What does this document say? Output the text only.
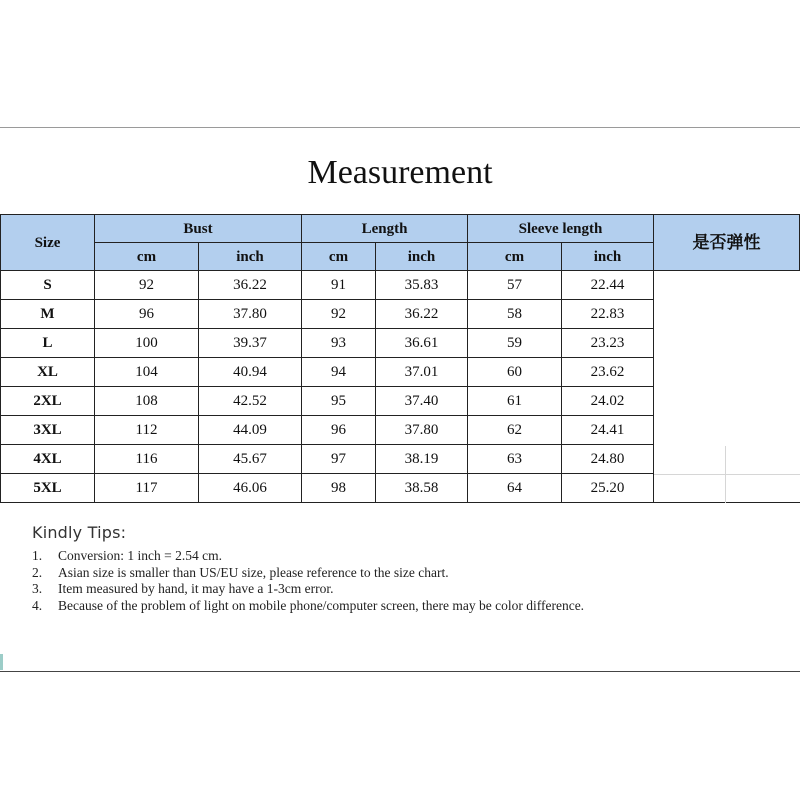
Measurement
Size	Bust		Length		Sleeve length		是否弹性
	cm	inch	cm	inch	cm	inch	
S	92	36.22	91	35.83	57	22.44	
M	96	37.80	92	36.22	58	22.83	
L	100	39.37	93	36.61	59	23.23	
XL	104	40.94	94	37.01	60	23.62	
2XL	108	42.52	95	37.40	61	24.02	
3XL	112	44.09	96	37.80	62	24.41	
4XL	116	45.67	97	38.19	63	24.80	
5XL	117	46.06	98	38.58	64	25.20	
Kindly Tips:
1. Conversion: 1 inch = 2.54 cm.
2. Asian size is smaller than US/EU size, please reference to the size chart.
3. Item measured by hand, it may have a 1-3cm error.
4. Because of the problem of light on mobile phone/computer screen, there may be color difference.
